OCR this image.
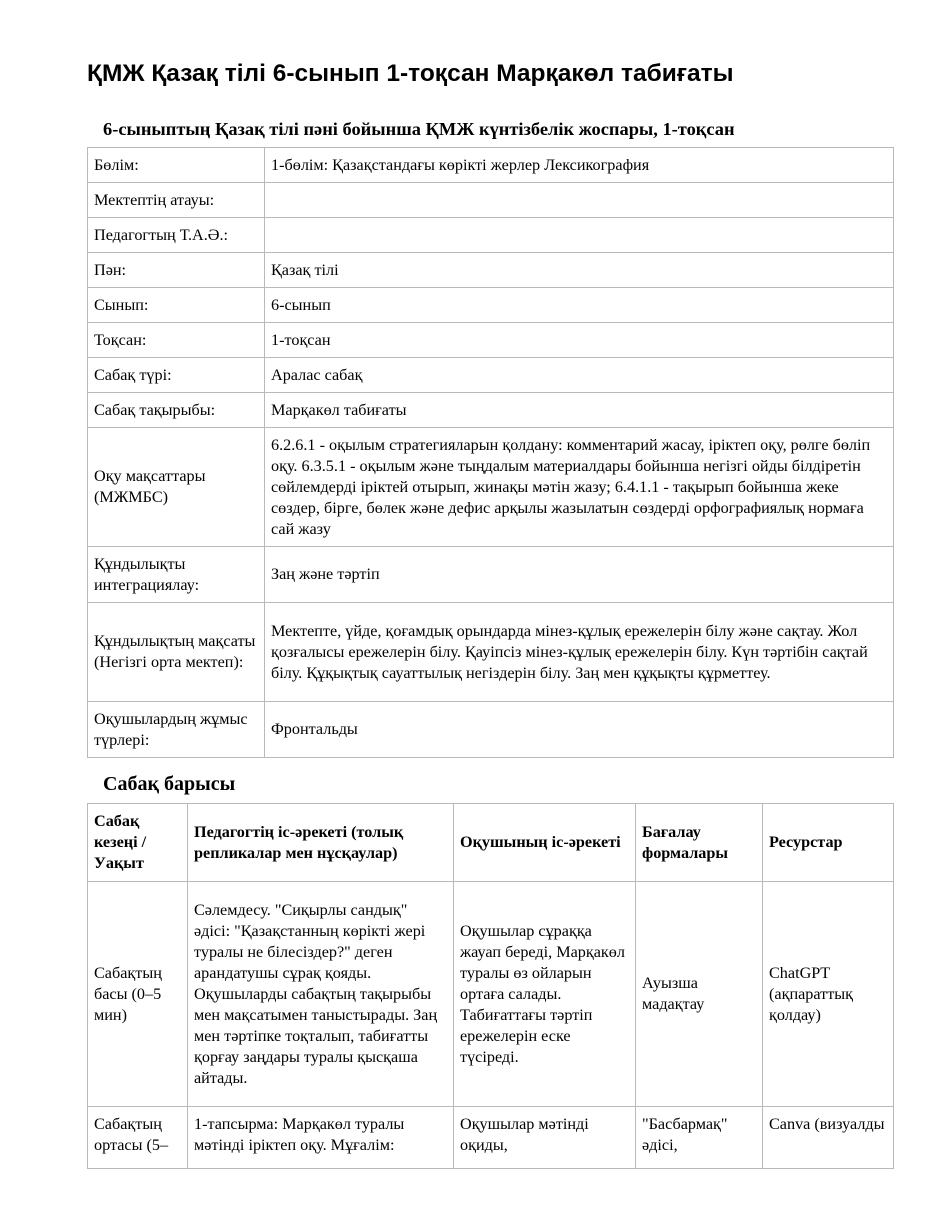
ҚМЖ Қазақ тілі 6-сынып 1-тоқсан Марқакөл табиғаты
6-сыныптың Қазақ тілі пәні бойынша ҚМЖ күнтізбелік жоспары, 1-тоқсан
Бөлім:	1-бөлім: Қазақстандағы көрікті жерлер Лексикография
Мектептің атауы:	
Педагогтың Т.А.Ә.:	
Пән:	Қазақ тілі
Сынып:	6-сынып
Тоқсан:	1-тоқсан
Сабақ түрі:	Аралас сабақ
Сабақ тақырыбы:	Марқакөл табиғаты
Оқу мақсаттары (МЖМБС)	6.2.6.1 - оқылым стратегияларын қолдану: комментарий жасау, іріктеп оқу, рөлге бөліп оқу. 6.3.5.1 - оқылым және тыңдалым материалдары бойынша негізгі ойды білдіретін сөйлемдерді іріктей отырып, жинақы мәтін жазу; 6.4.1.1 - тақырып бойынша жеке сөздер, бірге, бөлек және дефис арқылы жазылатын сөздерді орфографиялық нормаға сай жазу
Құндылықты интеграциялау:	Заң және тәртіп
Құндылықтың мақсаты (Негізгі орта мектеп):	Мектепте, үйде, қоғамдық орындарда мінез-құлық ережелерін білу және сақтау. Жол қозғалысы ережелерін білу. Қауіпсіз мінез-құлық ережелерін білу. Күн тәртібін сақтай білу. Құқықтық сауаттылық негіздерін білу. Заң мен құқықты құрметтеу.
Оқушылардың жұмыс түрлері:	Фронтальды
Сабақ барысы
Сабақ кезеңі / Уақыт	Педагогтің іс-әрекеті (толық репликалар мен нұсқаулар)	Оқушының іс-әрекеті	Бағалау формалары	Ресурстар
Сабақтың басы (0–5 мин)	Сәлемдесу. "Сиқырлы сандық" әдісі: "Қазақстанның көрікті жері туралы не білесіздер?" деген арандатушы сұрақ қояды. Оқушыларды сабақтың тақырыбы мен мақсатымен таныстырады. Заң мен тәртіпке тоқталып, табиғатты қорғау заңдары туралы қысқаша айтады.	Оқушылар сұраққа жауап береді, Марқакөл туралы өз ойларын ортаға салады. Табиғаттағы тәртіп ережелерін еске түсіреді.	Ауызша мадақтау	ChatGPT (ақпараттық қолдау)
Сабақтың ортасы (5–	1-тапсырма: Марқакөл туралы мәтінді іріктеп оқу. Мұғалім:	Оқушылар мәтінді оқиды,	"Басбармақ" әдісі,	Canva (визуалды
